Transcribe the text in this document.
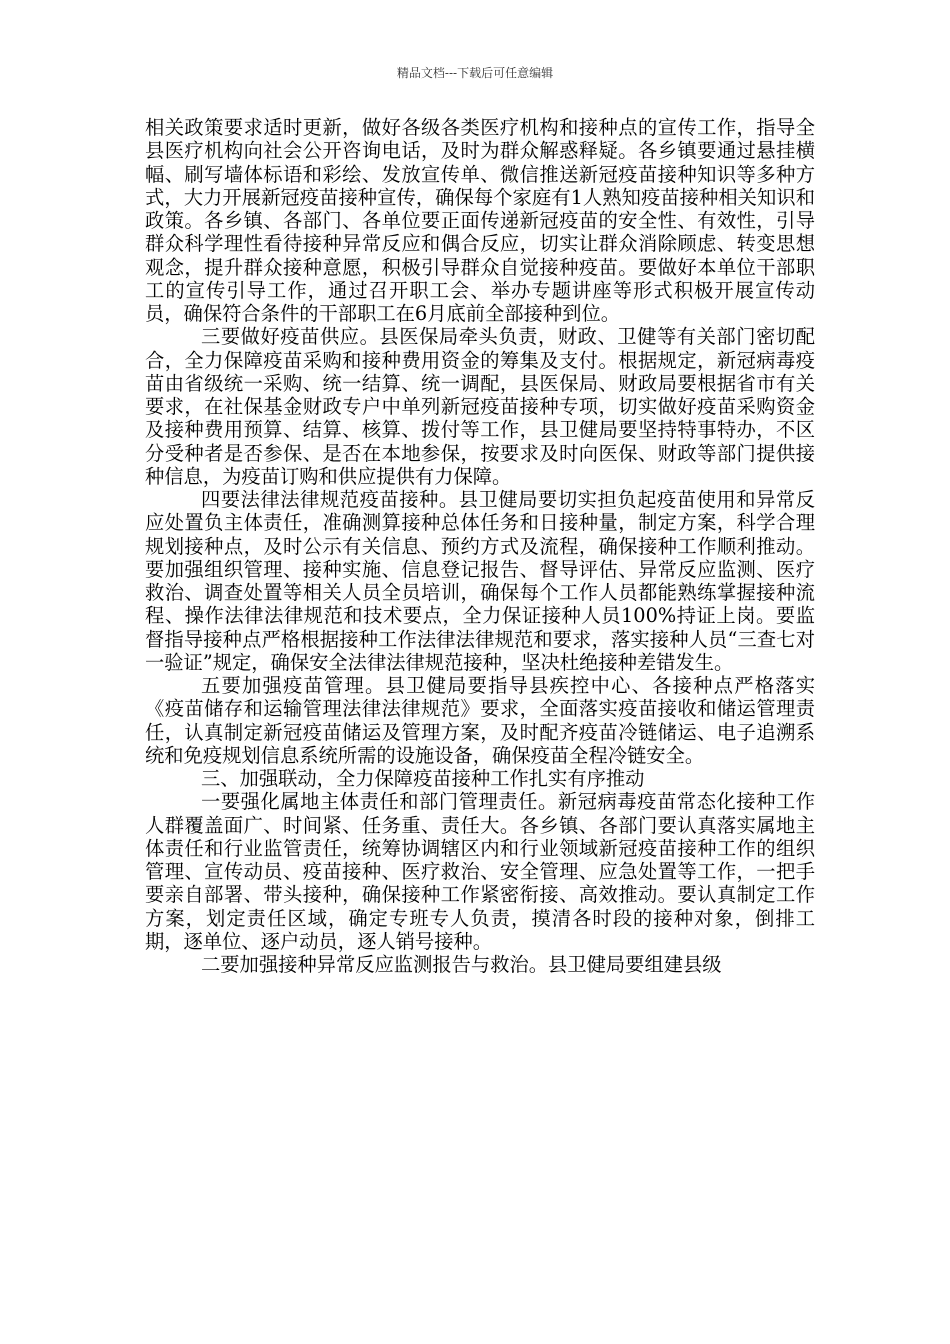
精品文档---下载后可任意编辑

相关政策要求适时更新，做好各级各类医疗机构和接种点的宣传工作，指导全县医疗机构向社会公开咨询电话，及时为群众解惑释疑。各乡镇要通过悬挂横幅、刷写墙体标语和彩绘、发放宣传单、微信推送新冠疫苗接种知识等多种方式，大力开展新冠疫苗接种宣传，确保每个家庭有1人熟知疫苗接种相关知识和政策。各乡镇、各部门、各单位要正面传递新冠疫苗的安全性、有效性，引导群众科学理性看待接种异常反应和偶合反应，切实让群众消除顾虑、转变思想观念，提升群众接种意愿，积极引导群众自觉接种疫苗。要做好本单位干部职工的宣传引导工作，通过召开职工会、举办专题讲座等形式积极开展宣传动员，确保符合条件的干部职工在6月底前全部接种到位。

三要做好疫苗供应。县医保局牵头负责，财政、卫健等有关部门密切配合，全力保障疫苗采购和接种费用资金的筹集及支付。根据规定，新冠病毒疫苗由省级统一采购、统一结算、统一调配，县医保局、财政局要根据省市有关要求，在社保基金财政专户中单列新冠疫苗接种专项，切实做好疫苗采购资金及接种费用预算、结算、核算、拨付等工作，县卫健局要坚持特事特办，不区分受种者是否参保、是否在本地参保，按要求及时向医保、财政等部门提供接种信息，为疫苗订购和供应提供有力保障。

四要法律法律规范疫苗接种。县卫健局要切实担负起疫苗使用和异常反应处置负主体责任，准确测算接种总体任务和日接种量，制定方案，科学合理规划接种点，及时公示有关信息、预约方式及流程，确保接种工作顺利推动。要加强组织管理、接种实施、信息登记报告、督导评估、异常反应监测、医疗救治、调查处置等相关人员全员培训，确保每个工作人员都能熟练掌握接种流程、操作法律法律规范和技术要点，全力保证接种人员100%持证上岗。要监督指导接种点严格根据接种工作法律法律规范和要求，落实接种人员“三查七对一验证”规定，确保安全法律法律规范接种，坚决杜绝接种差错发生。

五要加强疫苗管理。县卫健局要指导县疾控中心、各接种点严格落实《疫苗储存和运输管理法律法律规范》要求，全面落实疫苗接收和储运管理责任，认真制定新冠疫苗储运及管理方案，及时配齐疫苗冷链储运、电子追溯系统和免疫规划信息系统所需的设施设备，确保疫苗全程冷链安全。

三、加强联动，全力保障疫苗接种工作扎实有序推动

一要强化属地主体责任和部门管理责任。新冠病毒疫苗常态化接种工作人群覆盖面广、时间紧、任务重、责任大。各乡镇、各部门要认真落实属地主体责任和行业监管责任，统筹协调辖区内和行业领域新冠疫苗接种工作的组织管理、宣传动员、疫苗接种、医疗救治、安全管理、应急处置等工作，一把手要亲自部署、带头接种，确保接种工作紧密衔接、高效推动。要认真制定工作方案，划定责任区域，确定专班专人负责，摸清各时段的接种对象，倒排工期，逐单位、逐户动员，逐人销号接种。

二要加强接种异常反应监测报告与救治。县卫健局要组建县级
